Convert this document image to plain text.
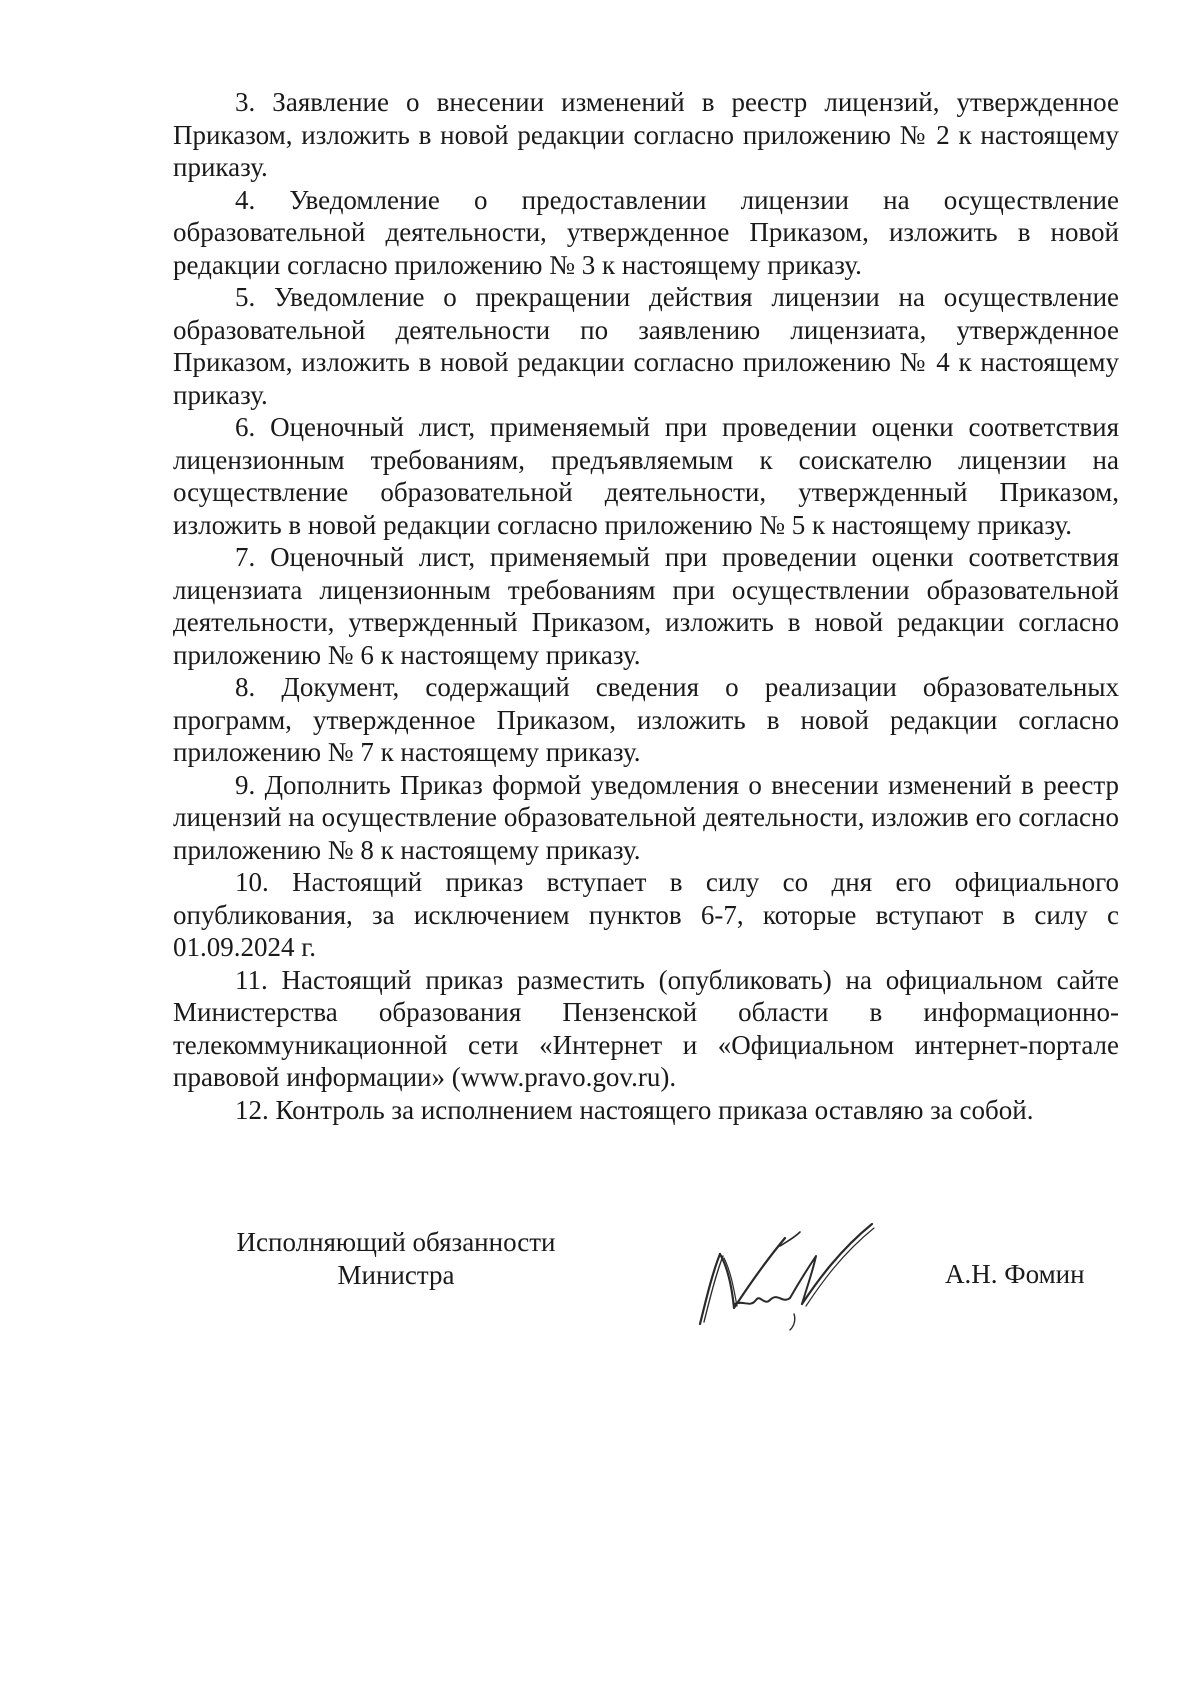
3. Заявление о внесении изменений в реестр лицензий, утвержденное Приказом, изложить в новой редакции согласно приложению № 2 к настоящему приказу.

4. Уведомление о предоставлении лицензии на осуществление образовательной деятельности, утвержденное Приказом, изложить в новой редакции согласно приложению № 3 к настоящему приказу.

5. Уведомление о прекращении действия лицензии на осуществление образовательной деятельности по заявлению лицензиата, утвержденное Приказом, изложить в новой редакции согласно приложению № 4 к настоящему приказу.

6. Оценочный лист, применяемый при проведении оценки соответствия лицензионным требованиям, предъявляемым к соискателю лицензии на осуществление образовательной деятельности, утвержденный Приказом, изложить в новой редакции согласно приложению № 5 к настоящему приказу.

7. Оценочный лист, применяемый при проведении оценки соответствия лицензиата лицензионным требованиям при осуществлении образовательной деятельности, утвержденный Приказом, изложить в новой редакции согласно приложению № 6 к настоящему приказу.

8. Документ, содержащий сведения о реализации образовательных программ, утвержденное Приказом, изложить в новой редакции согласно приложению № 7 к настоящему приказу.

9. Дополнить Приказ формой уведомления о внесении изменений в реестр лицензий на осуществление образовательной деятельности, изложив его согласно приложению № 8 к настоящему приказу.

10. Настоящий приказ вступает в силу со дня его официального опубликования, за исключением пунктов 6-7, которые вступают в силу с 01.09.2024 г.

11. Настоящий приказ разместить (опубликовать) на официальном сайте Министерства образования Пензенской области в информационно-телекоммуникационной сети «Интернет и «Официальном интернет-портале правовой информации» (www.pravo.gov.ru).

12. Контроль за исполнением настоящего приказа оставляю за собой.

Исполняющий обязанности
Министра	А.Н. Фомин
